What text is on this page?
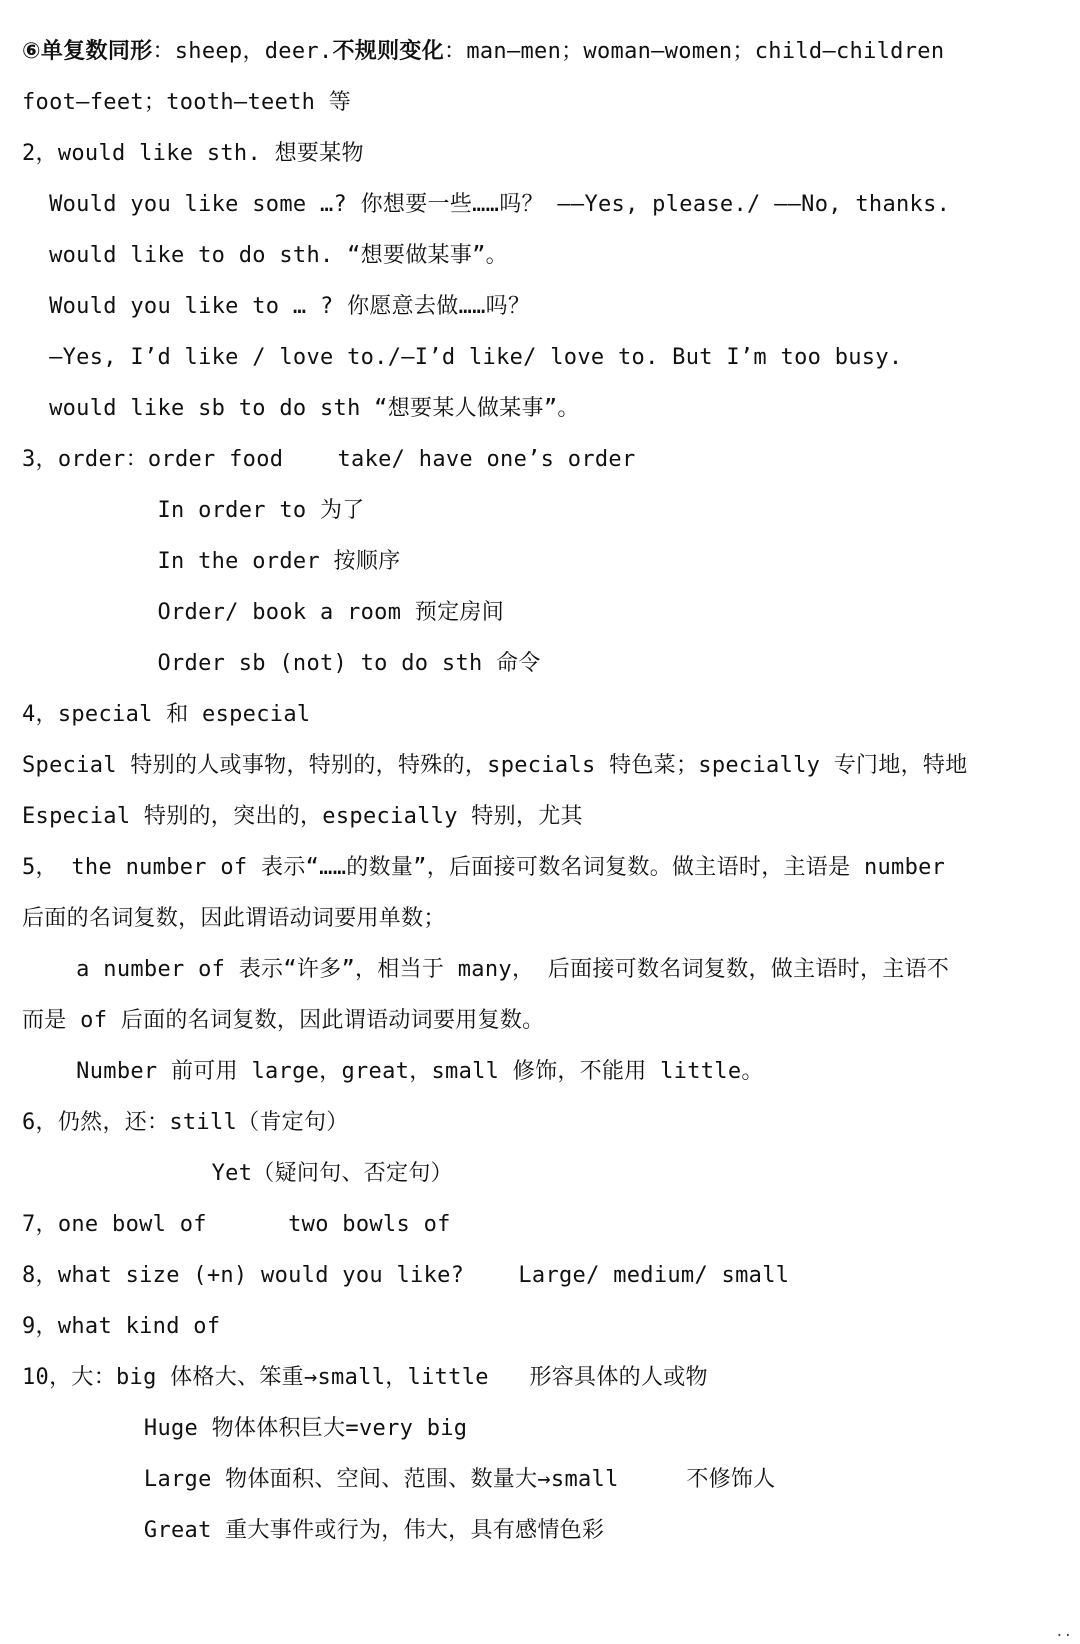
⑥单复数同形：sheep，deer.不规则变化：man—men；woman—women；child—children
foot—feet；tooth—teeth 等
2，would like sth. 想要某物
Would you like some …? 你想要一些……吗？ ——Yes, please./ ——No, thanks.
would like to do sth. “想要做某事”。
Would you like to … ? 你愿意去做……吗？
—Yes, I’d like / love to./—I’d like/ love to. But I’m too busy.
would like sb to do sth “想要某人做某事”。
3，order：order food    take/ have one’s order
In order to 为了
In the order 按顺序
Order/ book a room 预定房间
Order sb (not) to do sth 命令
4，special 和 especial
Special 特别的人或事物，特别的，特殊的，specials 特色菜；specially 专门地，特地
Especial 特别的，突出的，especially 特别，尤其
5， the number of 表示“……的数量”，后面接可数名词复数。做主语时，主语是 number
后面的名词复数，因此谓语动词要用单数；
a number of 表示“许多”，相当于 many， 后面接可数名词复数，做主语时，主语不
而是 of 后面的名词复数，因此谓语动词要用复数。
Number 前可用 large，great，small 修饰，不能用 little。
6，仍然，还：still（肯定句）
Yet（疑问句、否定句）
7，one bowl of      two bowls of
8，what size (+n) would you like?    Large/ medium/ small
9，what kind of
10，大：big 体格大、笨重→small，little   形容具体的人或物
Huge 物体体积巨大=very big
Large 物体面积、空间、范围、数量大→small     不修饰人
Great 重大事件或行为，伟大，具有感情色彩
··
